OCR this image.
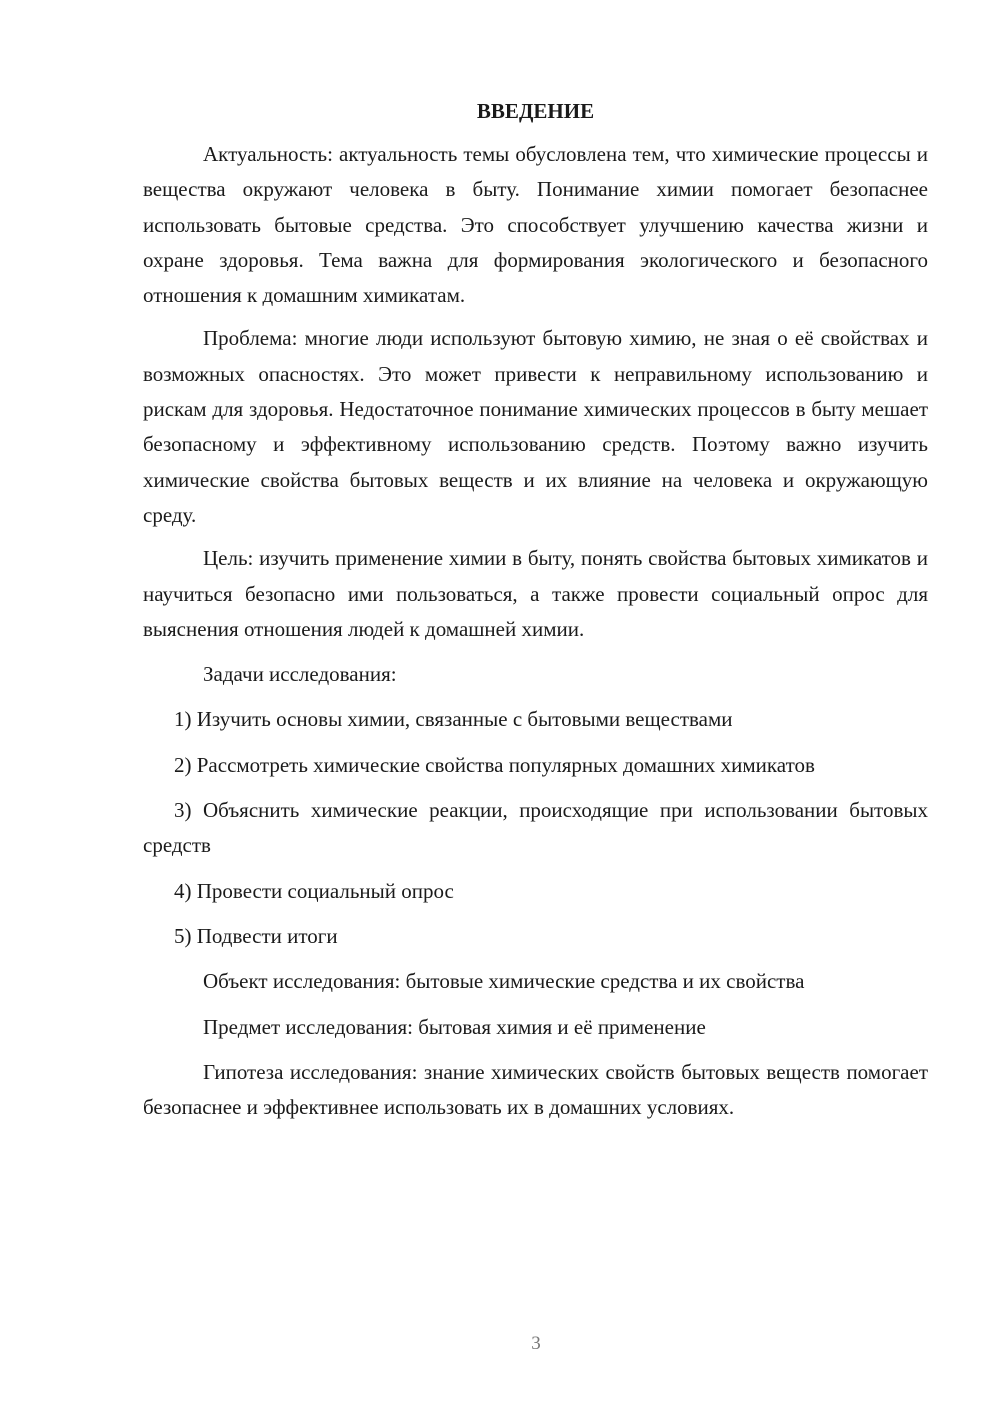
ВВЕДЕНИЕ

Актуальность: актуальность темы обусловлена тем, что химические процессы и вещества окружают человека в быту. Понимание химии помогает безопаснее использовать бытовые средства. Это способствует улучшению качества жизни и охране здоровья. Тема важна для формирования экологического и безопасного отношения к домашним химикатам.

Проблема: многие люди используют бытовую химию, не зная о её свойствах и возможных опасностях. Это может привести к неправильному использованию и рискам для здоровья. Недостаточное понимание химических процессов в быту мешает безопасному и эффективному использованию средств. Поэтому важно изучить химические свойства бытовых веществ и их влияние на человека и окружающую среду.

Цель: изучить применение химии в быту, понять свойства бытовых химикатов и научиться безопасно ими пользоваться, а также провести социальный опрос для выяснения отношения людей к домашней химии.

Задачи исследования:

1) Изучить основы химии, связанные с бытовыми веществами

2) Рассмотреть химические свойства популярных домашних химикатов

3) Объяснить химические реакции, происходящие при использовании бытовых средств

4) Провести социальный опрос

5) Подвести итоги

Объект исследования: бытовые химические средства и их свойства

Предмет исследования: бытовая химия и её применение

Гипотеза исследования: знание химических свойств бытовых веществ помогает безопаснее и эффективнее использовать их в домашних условиях.

3
